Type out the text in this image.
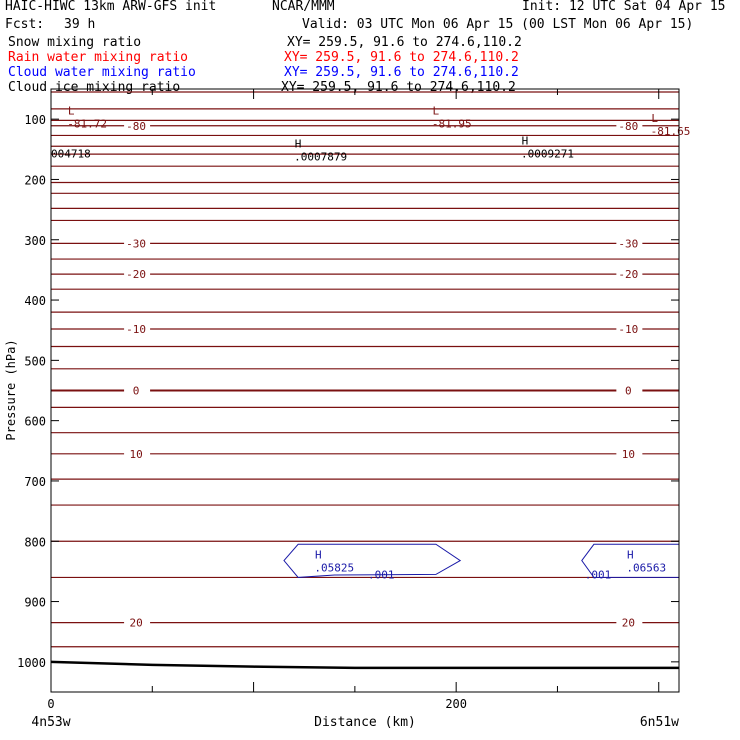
HAIC-HIWC 13km ARW-GFS init	NCAR/MMM	Init: 12 UTC Sat 04 Apr 15
Fcst: 39 h	Valid: 03 UTC Mon 06 Apr 15 (00 LST Mon 06 Apr 15)
Snow mixing ratio	XY= 259.5, 91.6 to 274.6,110.2
Rain water mixing ratio	XY= 259.5, 91.6 to 274.6,110.2
Cloud water mixing ratio	XY= 259.5, 91.6 to 274.6,110.2
Cloud ice mixing ratio	XY= 259.5, 91.6 to 274.6,110.2
-80	-80
-30	-30
-20	-20
-10	-10
0	0
10	10
20	20
.001	.001
L
-81.72
L
-81.95	L
-81.65
H
.0007879
H
.0009271
H
.05825
H
.06563
004718
100
200
300
400
500
600
700
800
900
1000
0	200
Pressure (hPa)
Distance (km)
4n53w	6n51w
